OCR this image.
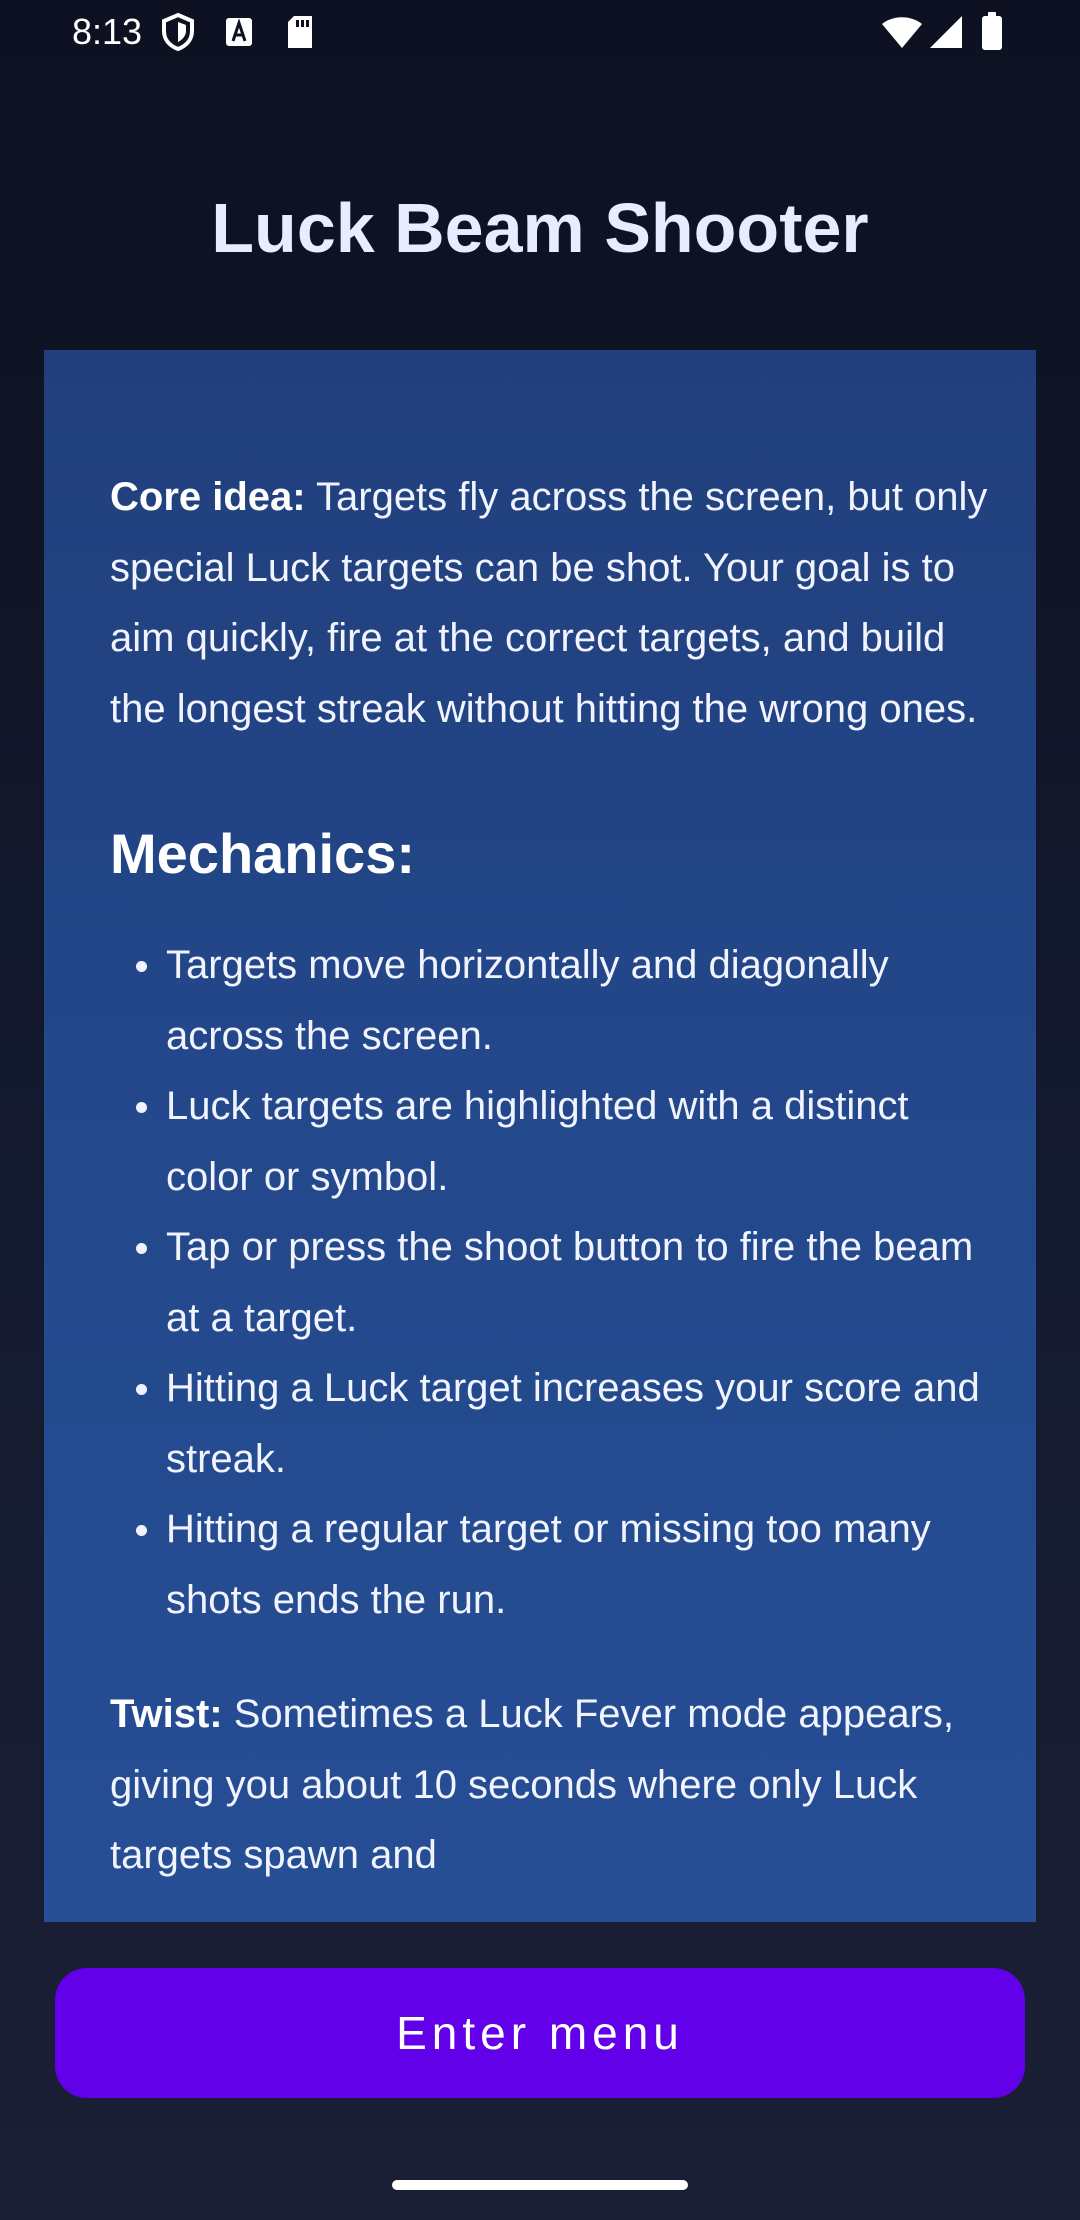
8:13
Luck Beam Shooter

Core idea: Targets fly across the screen, but only special Luck targets can be shot. Your goal is to aim quickly, fire at the correct targets, and build the longest streak without hitting the wrong ones.

Mechanics:
Targets move horizontally and diagonally across the screen.
Luck targets are highlighted with a distinct color or symbol.
Tap or press the shoot button to fire the beam at a target.
Hitting a Luck target increases your score and streak.
Hitting a regular target or missing too many shots ends the run.

Twist: Sometimes a Luck Fever mode appears, giving you about 10 seconds where only Luck targets spawn and

Enter menu
